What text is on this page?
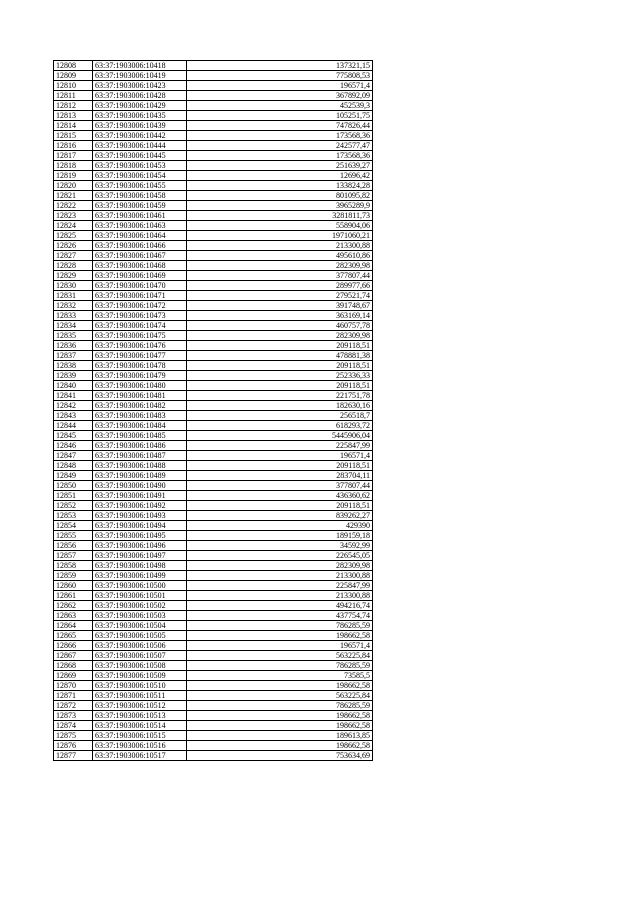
12808	63:37:1903006:10418	137321,15
12809	63:37:1903006:10419	775808,53
12810	63:37:1903006:10423	196571,4
12811	63:37:1903006:10428	367892,09
12812	63:37:1903006:10429	452539,3
12813	63:37:1903006:10435	105251,75
12814	63:37:1903006:10439	747826,44
12815	63:37:1903006:10442	173568,36
12816	63:37:1903006:10444	242577,47
12817	63:37:1903006:10445	173568,36
12818	63:37:1903006:10453	251639,27
12819	63:37:1903006:10454	12696,42
12820	63:37:1903006:10455	133824,28
12821	63:37:1903006:10458	801095,82
12822	63:37:1903006:10459	3965289,9
12823	63:37:1903006:10461	3281811,73
12824	63:37:1903006:10463	558904,06
12825	63:37:1903006:10464	1971060,21
12826	63:37:1903006:10466	213300,88
12827	63:37:1903006:10467	495610,86
12828	63:37:1903006:10468	282309,98
12829	63:37:1903006:10469	377807,44
12830	63:37:1903006:10470	289977,66
12831	63:37:1903006:10471	279521,74
12832	63:37:1903006:10472	391748,67
12833	63:37:1903006:10473	363169,14
12834	63:37:1903006:10474	460757,78
12835	63:37:1903006:10475	282309,98
12836	63:37:1903006:10476	209118,51
12837	63:37:1903006:10477	478881,38
12838	63:37:1903006:10478	209118,51
12839	63:37:1903006:10479	252336,33
12840	63:37:1903006:10480	209118,51
12841	63:37:1903006:10481	221751,78
12842	63:37:1903006:10482	182630,16
12843	63:37:1903006:10483	256518,7
12844	63:37:1903006:10484	618293,72
12845	63:37:1903006:10485	5445906,04
12846	63:37:1903006:10486	225847,99
12847	63:37:1903006:10487	196571,4
12848	63:37:1903006:10488	209118,51
12849	63:37:1903006:10489	283704,11
12850	63:37:1903006:10490	377807,44
12851	63:37:1903006:10491	436360,62
12852	63:37:1903006:10492	209118,51
12853	63:37:1903006:10493	839262,27
12854	63:37:1903006:10494	429390
12855	63:37:1903006:10495	189159,18
12856	63:37:1903006:10496	34592,99
12857	63:37:1903006:10497	226545,05
12858	63:37:1903006:10498	282309,98
12859	63:37:1903006:10499	213300,88
12860	63:37:1903006:10500	225847,99
12861	63:37:1903006:10501	213300,88
12862	63:37:1903006:10502	494216,74
12863	63:37:1903006:10503	437754,74
12864	63:37:1903006:10504	786285,59
12865	63:37:1903006:10505	198662,58
12866	63:37:1903006:10506	196571,4
12867	63:37:1903006:10507	563225,84
12868	63:37:1903006:10508	786285,59
12869	63:37:1903006:10509	73585,5
12870	63:37:1903006:10510	198662,58
12871	63:37:1903006:10511	563225,84
12872	63:37:1903006:10512	786285,59
12873	63:37:1903006:10513	198662,58
12874	63:37:1903006:10514	198662,58
12875	63:37:1903006:10515	189613,85
12876	63:37:1903006:10516	198662,58
12877	63:37:1903006:10517	753634,69
